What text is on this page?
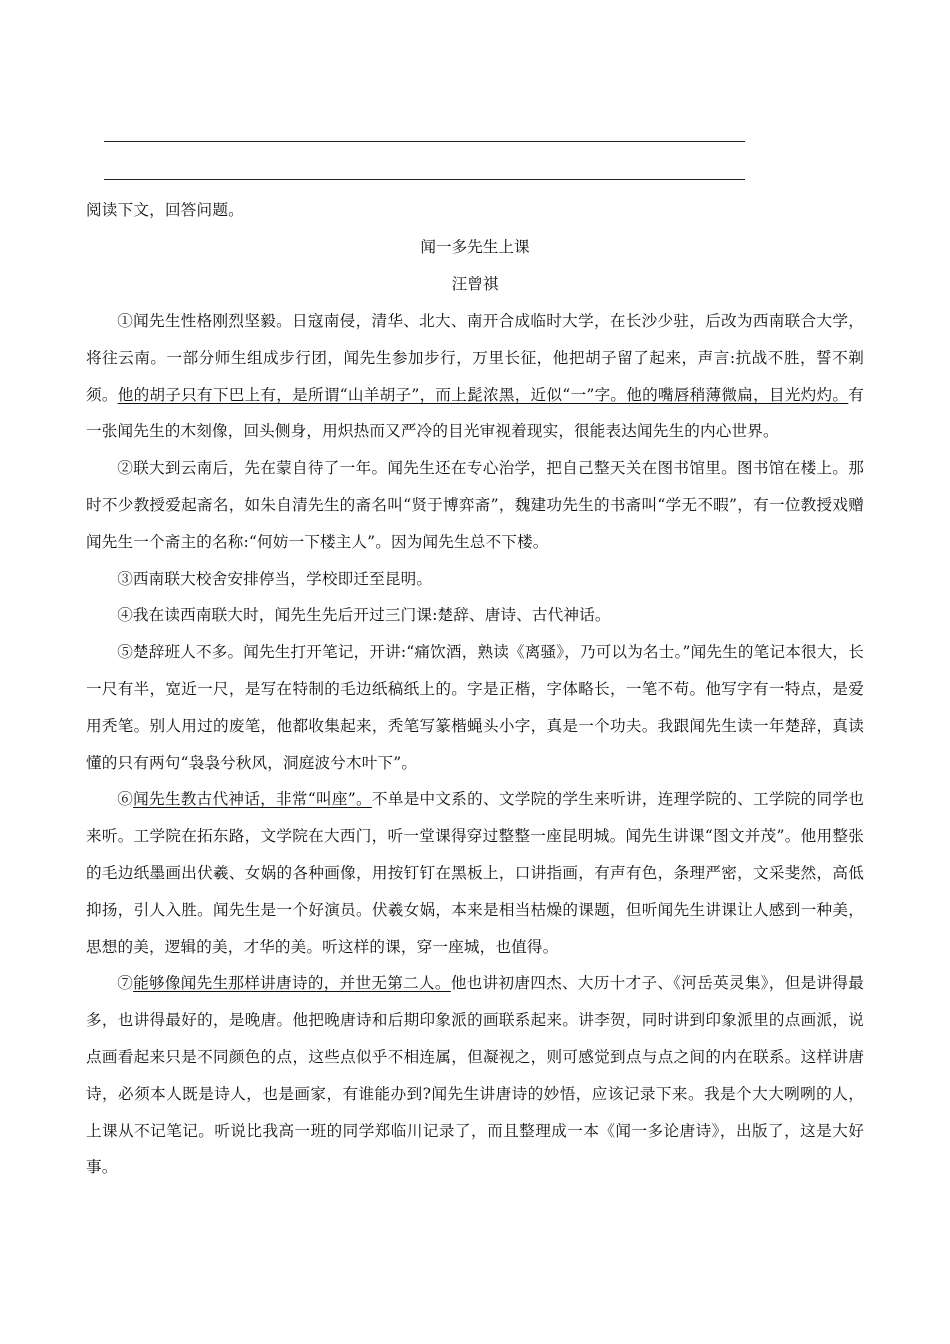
阅读下文，回答问题。
闻一多先生上课
汪曾祺

①闻先生性格刚烈坚毅。日寇南侵，清华、北大、南开合成临时大学，在长沙少驻，后改为西南联合大学，将往云南。一部分师生组成步行团，闻先生参加步行，万里长征，他把胡子留了起来，声言:抗战不胜，誓不剃须。他的胡子只有下巴上有，是所谓“山羊胡子”，而上髭浓黑，近似“一”字。他的嘴唇稍薄微扁，目光灼灼。有一张闻先生的木刻像，回头侧身，用炽热而又严冷的目光审视着现实，很能表达闻先生的内心世界。

②联大到云南后，先在蒙自待了一年。闻先生还在专心治学，把自己整天关在图书馆里。图书馆在楼上。那时不少教授爱起斋名，如朱自清先生的斋名叫“贤于博弈斋”，魏建功先生的书斋叫“学无不暇”，有一位教授戏赠闻先生一个斋主的名称:“何妨一下楼主人”。因为闻先生总不下楼。

③西南联大校舍安排停当，学校即迁至昆明。

④我在读西南联大时，闻先生先后开过三门课:楚辞、唐诗、古代神话。

⑤楚辞班人不多。闻先生打开笔记，开讲:“痛饮酒，熟读《离骚》，乃可以为名士。”闻先生的笔记本很大，长一尺有半，宽近一尺，是写在特制的毛边纸稿纸上的。字是正楷，字体略长，一笔不苟。他写字有一特点，是爱用秃笔。别人用过的废笔，他都收集起来，秃笔写篆楷蝇头小字，真是一个功夫。我跟闻先生读一年楚辞，真读懂的只有两句“袅袅兮秋风，洞庭波兮木叶下”。

⑥闻先生教古代神话，非常“叫座”。不单是中文系的、文学院的学生来听讲，连理学院的、工学院的同学也来听。工学院在拓东路，文学院在大西门，听一堂课得穿过整整一座昆明城。闻先生讲课“图文并茂”。他用整张的毛边纸墨画出伏羲、女娲的各种画像，用按钉钉在黑板上，口讲指画，有声有色，条理严密，文采斐然，高低抑扬，引人入胜。闻先生是一个好演员。伏羲女娲，本来是相当枯燥的课题，但听闻先生讲课让人感到一种美，思想的美，逻辑的美，才华的美。听这样的课，穿一座城，也值得。

⑦能够像闻先生那样讲唐诗的，并世无第二人。他也讲初唐四杰、大历十才子、《河岳英灵集》，但是讲得最多，也讲得最好的，是晚唐。他把晚唐诗和后期印象派的画联系起来。讲李贺，同时讲到印象派里的点画派，说点画看起来只是不同颜色的点，这些点似乎不相连属，但凝视之，则可感觉到点与点之间的内在联系。这样讲唐诗，必须本人既是诗人，也是画家，有谁能办到?闻先生讲唐诗的妙悟，应该记录下来。我是个大大咧咧的人，上课从不记笔记。听说比我高一班的同学郑临川记录了，而且整理成一本《闻一多论唐诗》，出版了，这是大好事。
